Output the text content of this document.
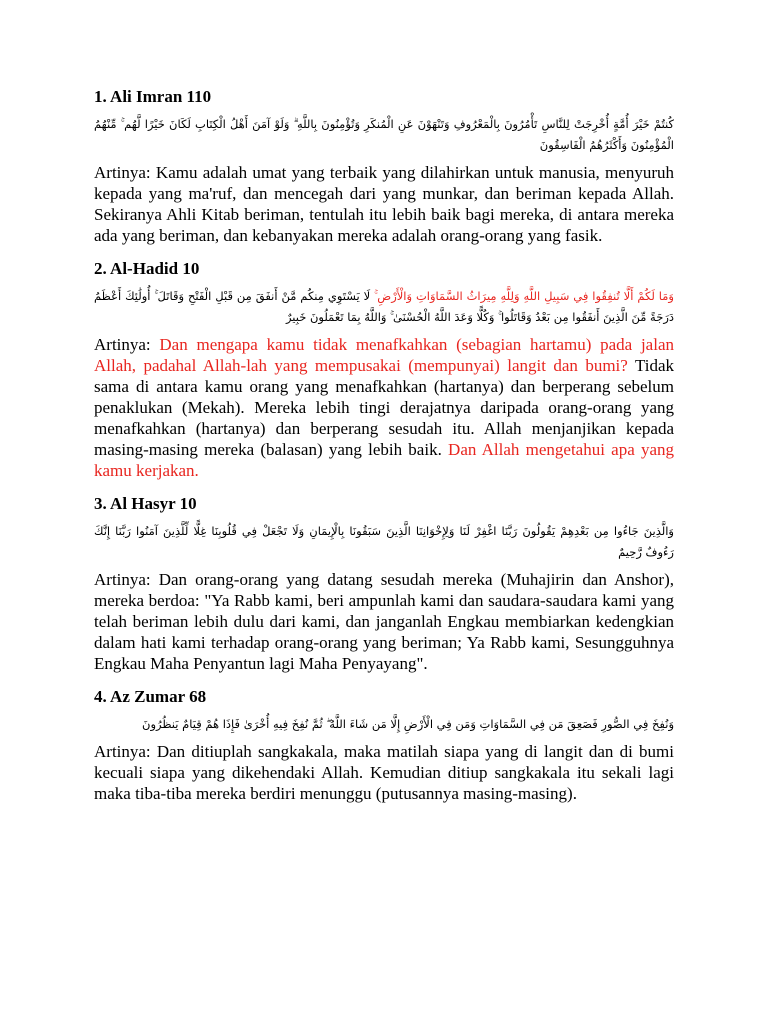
1. Ali Imran 110
كُنتُمْ خَيْرَ أُمَّةٍ أُخْرِجَتْ لِلنَّاسِ تَأْمُرُونَ بِالْمَعْرُوفِ وَتَنْهَوْنَ عَنِ الْمُنكَرِ وَتُؤْمِنُونَ بِاللَّهِ ۗ وَلَوْ آمَنَ أَهْلُ الْكِتَابِ لَكَانَ خَيْرًا لَّهُم ۚ مِّنْهُمُ الْمُؤْمِنُونَ وَأَكْثَرُهُمُ الْفَاسِقُونَ
Artinya: Kamu adalah umat yang terbaik yang dilahirkan untuk manusia, menyuruh kepada yang ma'ruf, dan mencegah dari yang munkar, dan beriman kepada Allah. Sekiranya Ahli Kitab beriman, tentulah itu lebih baik bagi mereka, di antara mereka ada yang beriman, dan kebanyakan mereka adalah orang-orang yang fasik.
2. Al-Hadid 10
وَمَا لَكُمْ أَلَّا تُنفِقُوا فِي سَبِيلِ اللَّهِ وَلِلَّهِ مِيرَاثُ السَّمَاوَاتِ وَالْأَرْضِ ۚ لَا يَسْتَوِي مِنكُم مَّنْ أَنفَقَ مِن قَبْلِ الْفَتْحِ وَقَاتَلَ ۚ أُولَٰئِكَ أَعْظَمُ دَرَجَةً مِّنَ الَّذِينَ أَنفَقُوا مِن بَعْدُ وَقَاتَلُوا ۚ وَكُلًّا وَعَدَ اللَّهُ الْحُسْنَىٰ ۚ وَاللَّهُ بِمَا تَعْمَلُونَ خَبِيرٌ
Artinya: Dan mengapa kamu tidak menafkahkan (sebagian hartamu) pada jalan Allah, padahal Allah-lah yang mempusakai (mempunyai) langit dan bumi? Tidak sama di antara kamu orang yang menafkahkan (hartanya) dan berperang sebelum penaklukan (Mekah). Mereka lebih tingi derajatnya daripada orang-orang yang menafkahkan (hartanya) dan berperang sesudah itu. Allah menjanjikan kepada masing-masing mereka (balasan) yang lebih baik. Dan Allah mengetahui apa yang kamu kerjakan.
3. Al Hasyr 10
وَالَّذِينَ جَاءُوا مِن بَعْدِهِمْ يَقُولُونَ رَبَّنَا اغْفِرْ لَنَا وَلِإِخْوَانِنَا الَّذِينَ سَبَقُونَا بِالْإِيمَانِ وَلَا تَجْعَلْ فِي قُلُوبِنَا غِلًّا لِّلَّذِينَ آمَنُوا رَبَّنَا إِنَّكَ رَءُوفٌ رَّحِيمٌ
Artinya: Dan orang-orang yang datang sesudah mereka (Muhajirin dan Anshor), mereka berdoa: "Ya Rabb kami, beri ampunlah kami dan saudara-saudara kami yang telah beriman lebih dulu dari kami, dan janganlah Engkau membiarkan kedengkian dalam hati kami terhadap orang-orang yang beriman; Ya Rabb kami, Sesungguhnya Engkau Maha Penyantun lagi Maha Penyayang".
4. Az Zumar 68
وَنُفِخَ فِي الصُّورِ فَصَعِقَ مَن فِي السَّمَاوَاتِ وَمَن فِي الْأَرْضِ إِلَّا مَن شَاءَ اللَّهُ ۖ ثُمَّ نُفِخَ فِيهِ أُخْرَىٰ فَإِذَا هُمْ قِيَامٌ يَنظُرُونَ
Artinya: Dan ditiuplah sangkakala, maka matilah siapa yang di langit dan di bumi kecuali siapa yang dikehendaki Allah. Kemudian ditiup sangkakala itu sekali lagi maka tiba-tiba mereka berdiri menunggu (putusannya masing-masing).
